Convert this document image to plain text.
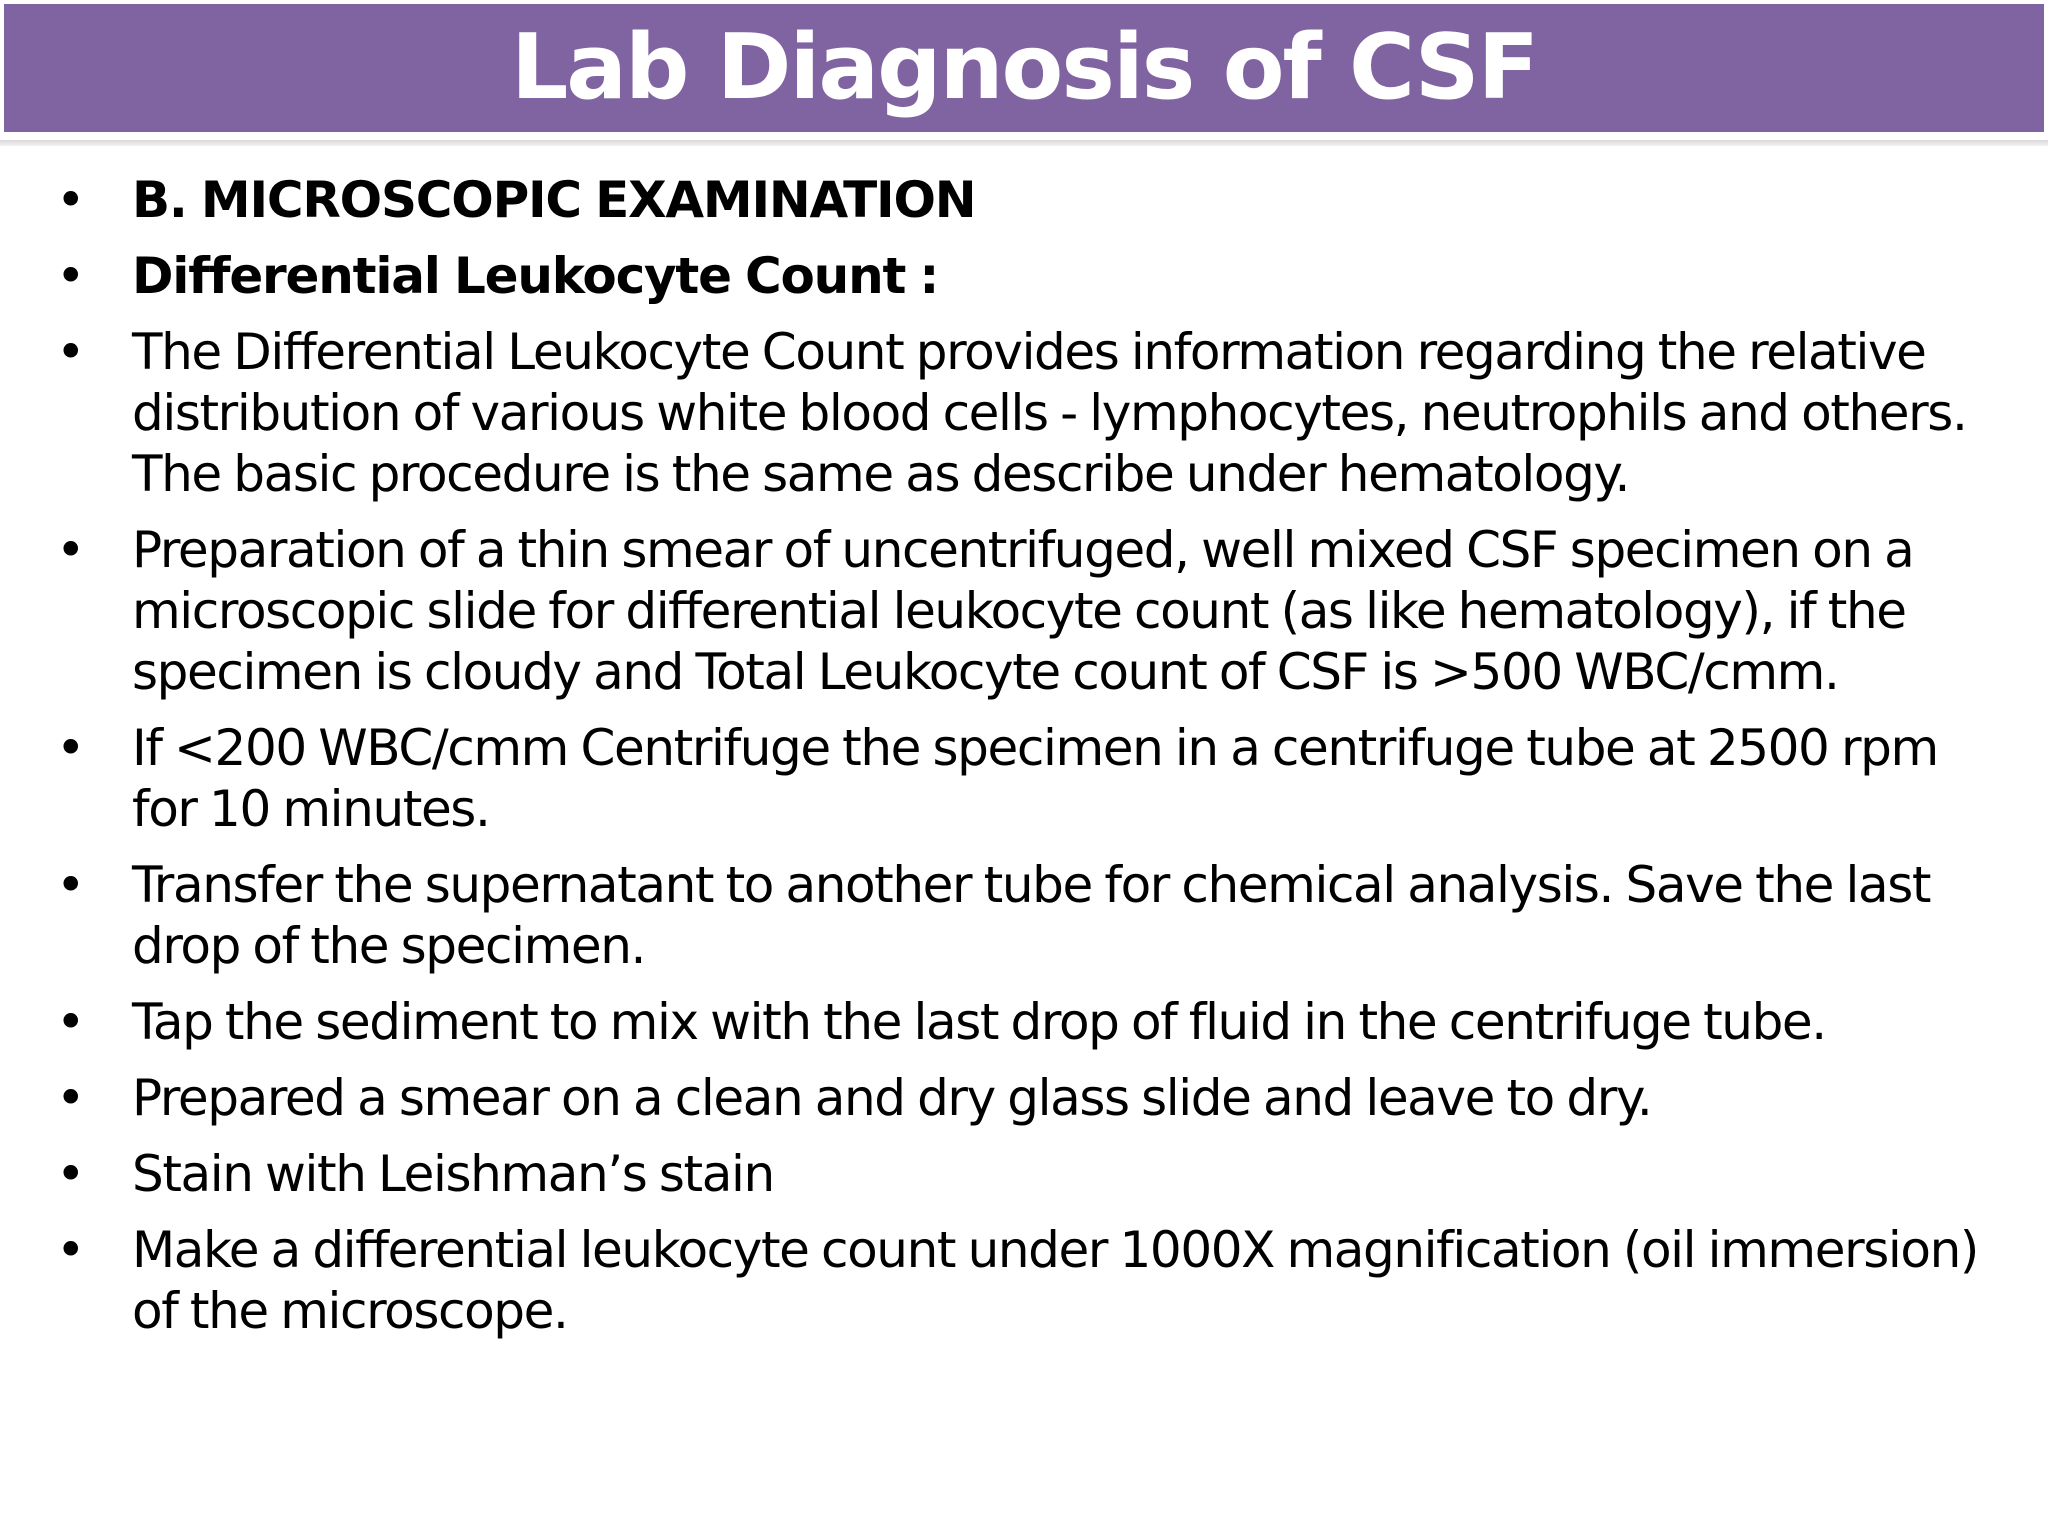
Lab Diagnosis of CSF
• B. MICROSCOPIC EXAMINATION
• Differential Leukocyte Count :
• The Differential Leukocyte Count provides information regarding the relative distribution of various white blood cells - lymphocytes, neutrophils and others. The basic procedure is the same as describe under hematology.
• Preparation of a thin smear of uncentrifuged, well mixed CSF specimen on a microscopic slide for differential leukocyte count (as like hematology), if the specimen is cloudy and Total Leukocyte count of CSF is >500 WBC/cmm.
• If <200 WBC/cmm Centrifuge the specimen in a centrifuge tube at 2500 rpm for 10 minutes.
• Transfer the supernatant to another tube for chemical analysis. Save the last drop of the specimen.
• Tap the sediment to mix with the last drop of fluid in the centrifuge tube.
• Prepared a smear on a clean and dry glass slide and leave to dry.
• Stain with Leishman’s stain
• Make a differential leukocyte count under 1000X magnification (oil immersion) of the microscope.
